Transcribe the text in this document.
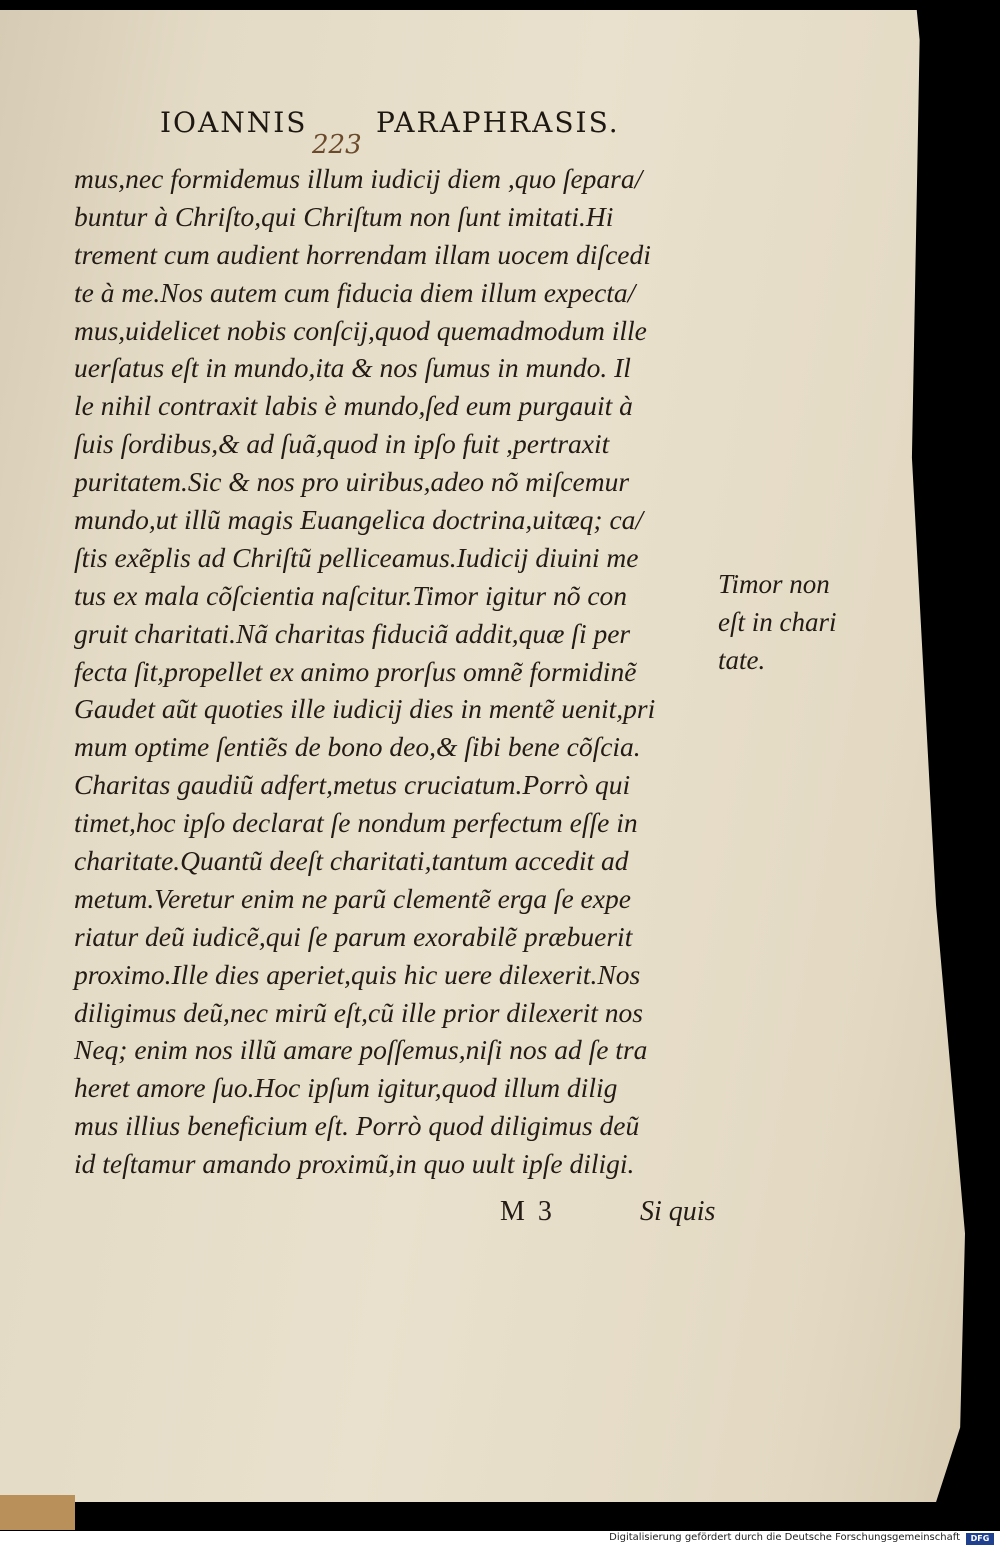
IOANNIS PARAPHRASIS.
223
mus,nec formidemus illum iudicij diem ,quo ſepara/
buntur à Chriſto,qui Chriſtum non ſunt imitati.Hi
trement cum audient horrendam illam uocem diſcedi
te à me.Nos autem cum fiducia diem illum expecta/
mus,uidelicet nobis conſcij,quod quemadmodum ille
uerſatus eſt in mundo,ita & nos ſumus in mundo. Il
le nihil contraxit labis è mundo,ſed eum purgauit à
ſuis ſordibus,& ad ſuã,quod in ipſo fuit ,pertraxit
puritatem.Sic & nos pro uiribus,adeo nõ miſcemur
mundo,ut illũ magis Euangelica doctrina,uitæq; ca/
ſtis exẽplis ad Chriſtũ pelliceamus.Iudicij diuini me
tus ex mala cõſcientia naſcitur.Timor igitur nõ con
gruit charitati.Nã charitas fiduciã addit,quæ ſi per
fecta ſit,propellet ex animo prorſus omnẽ formidinẽ
Gaudet aũt quoties ille iudicij dies in mentẽ uenit,pri
mum optime ſentiẽs de bono deo,& ſibi bene cõſcia.
Charitas gaudiũ adfert,metus cruciatum.Porrò qui
timet,hoc ipſo declarat ſe nondum perfectum eſſe in
charitate.Quantũ deeſt charitati,tantum accedit ad
metum.Veretur enim ne parũ clementẽ erga ſe expe
riatur deũ iudicẽ,qui ſe parum exorabilẽ præbuerit
proximo.Ille dies aperiet,quis hic uere dilexerit.Nos
diligimus deũ,nec mirũ eſt,cũ ille prior dilexerit nos
Neq; enim nos illũ amare poſſemus,niſi nos ad ſe tra
heret amore ſuo.Hoc ipſum igitur,quod illum dilig
mus illius beneficium eſt. Porrò quod diligimus deũ
id teſtamur amando proximũ,in quo uult ipſe diligi.
Timor non
eſt in chari
tate.
M 3	Si quis
Digitalisierung gefördert durch die Deutsche Forschungsgemeinschaft	DFG
